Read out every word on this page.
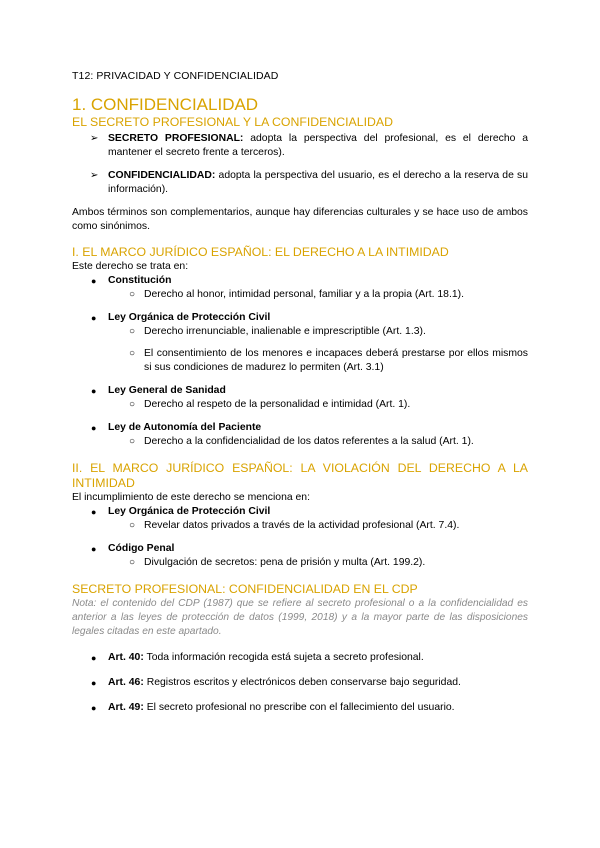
T12: PRIVACIDAD Y CONFIDENCIALIDAD
1. CONFIDENCIALIDAD
EL SECRETO PROFESIONAL Y LA CONFIDENCIALIDAD
➢ SECRETO PROFESIONAL: adopta la perspectiva del profesional, es el derecho a mantener el secreto frente a terceros).
➢ CONFIDENCIALIDAD: adopta la perspectiva del usuario, es el derecho a la reserva de su información).

Ambos términos son complementarios, aunque hay diferencias culturales y se hace uso de ambos como sinónimos.

I. EL MARCO JURÍDICO ESPAÑOL: EL DERECHO A LA INTIMIDAD

Este derecho se trata en:

● Constitución
○ Derecho al honor, intimidad personal, familiar y a la propia (Art. 18.1).
● Ley Orgánica de Protección Civil
○ Derecho irrenunciable, inalienable e imprescriptible (Art. 1.3).
○ El consentimiento de los menores e incapaces deberá prestarse por ellos mismos si sus condiciones de madurez lo permiten (Art. 3.1)
● Ley General de Sanidad
○ Derecho al respeto de la personalidad e intimidad (Art. 1).
● Ley de Autonomía del Paciente
○ Derecho a la confidencialidad de los datos referentes a la salud (Art. 1).
II. EL MARCO JURÍDICO ESPAÑOL: LA VIOLACIÓN DEL DERECHO A LA INTIMIDAD

El incumplimiento de este derecho se menciona en:

● Ley Orgánica de Protección Civil
○ Revelar datos privados a través de la actividad profesional (Art. 7.4).
● Código Penal
○ Divulgación de secretos: pena de prisión y multa (Art. 199.2).
SECRETO PROFESIONAL: CONFIDENCIALIDAD EN EL CDP

Nota: el contenido del CDP (1987) que se refiere al secreto profesional o a la confidencialidad es anterior a las leyes de protección de datos (1999, 2018) y a la mayor parte de las disposiciones legales citadas en este apartado.

● Art. 40: Toda información recogida está sujeta a secreto profesional.
● Art. 46: Registros escritos y electrónicos deben conservarse bajo seguridad.
● Art. 49: El secreto profesional no prescribe con el fallecimiento del usuario.
